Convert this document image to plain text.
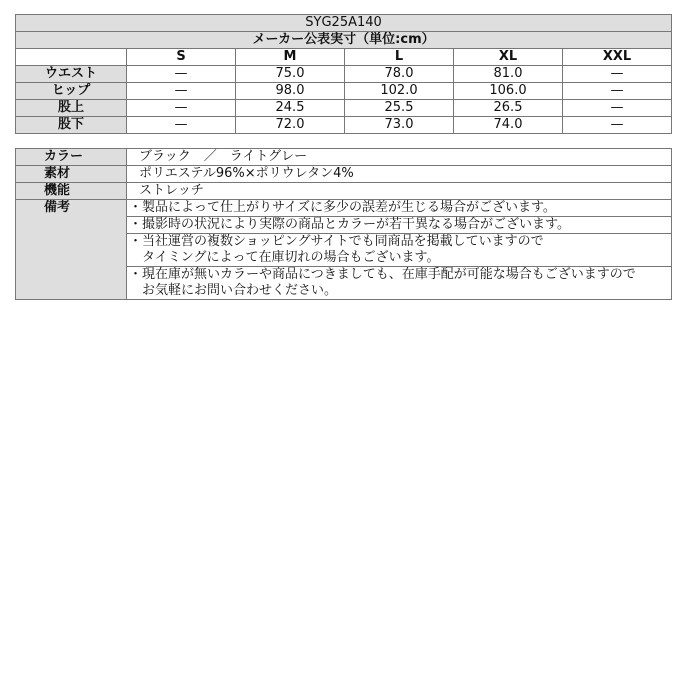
SYG25A140					
メーカー公表実寸（単位:cm）					
	S	M	L	XL	XXL
ウエスト	—	75.0	78.0	81.0	—
ヒップ	—	98.0	102.0	106.0	—
股上	—	24.5	25.5	26.5	—
股下	—	72.0	73.0	74.0	—
カラー	ブラック　／　ライトグレー
素材	ポリエステル96%×ポリウレタン4%
機能	ストレッチ
備考	・製品によって仕上がりサイズに多少の誤差が生じる場合がございます。

	・撮影時の状況により実際の商品とカラーが若干異なる場合がございます。

	・当社運営の複数ショッピングサイトでも同商品を掲載していますので
　タイミングによって在庫切れの場合もございます。

	・現在庫が無いカラーや商品につきましても、在庫手配が可能な場合もございますので
　お気軽にお問い合わせください。
